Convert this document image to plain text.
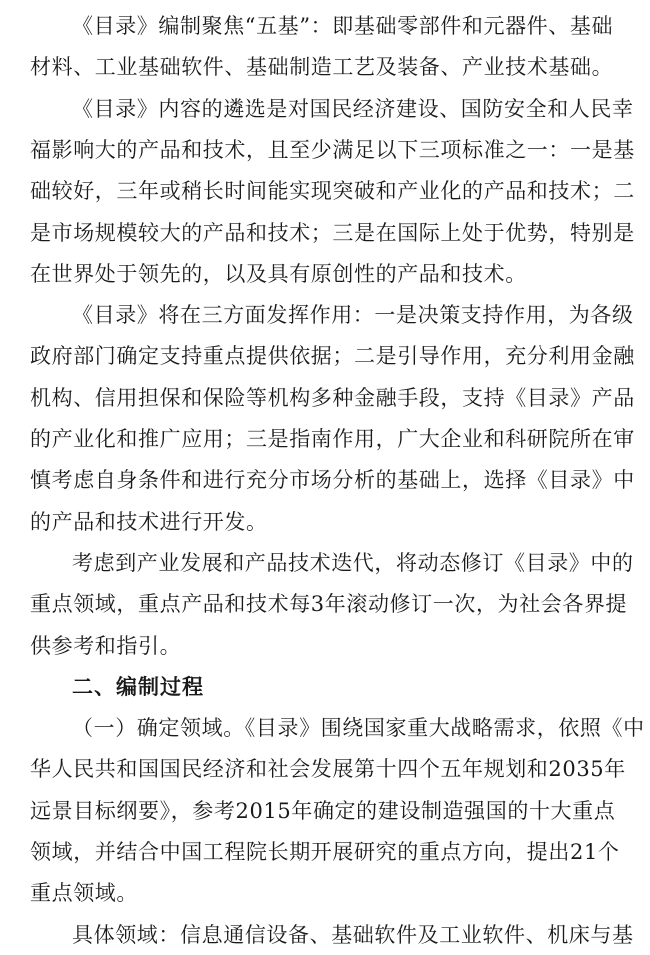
《目录》编制聚焦“五基”：即基础零部件和元器件、基础
材料、工业基础软件、基础制造工艺及装备、产业技术基础。
《目录》内容的遴选是对国民经济建设、国防安全和人民幸
福影响大的产品和技术，且至少满足以下三项标准之一：一是基
础较好，三年或稍长时间能实现突破和产业化的产品和技术；二
是市场规模较大的产品和技术；三是在国际上处于优势，特别是
在世界处于领先的，以及具有原创性的产品和技术。
《目录》将在三方面发挥作用：一是决策支持作用，为各级
政府部门确定支持重点提供依据；二是引导作用，充分利用金融
机构、信用担保和保险等机构多种金融手段，支持《目录》产品
的产业化和推广应用；三是指南作用，广大企业和科研院所在审
慎考虑自身条件和进行充分市场分析的基础上，选择《目录》中
的产品和技术进行开发。
考虑到产业发展和产品技术迭代，将动态修订《目录》中的
重点领域，重点产品和技术每3年滚动修订一次，为社会各界提
供参考和指引。
二、编制过程
（一）确定领域。《目录》围绕国家重大战略需求，依照《中
华人民共和国国民经济和社会发展第十四个五年规划和2035年
远景目标纲要》，参考2015年确定的建设制造强国的十大重点
领域，并结合中国工程院长期开展研究的重点方向，提出21个
重点领域。
具体领域：信息通信设备、基础软件及工业软件、机床与基
